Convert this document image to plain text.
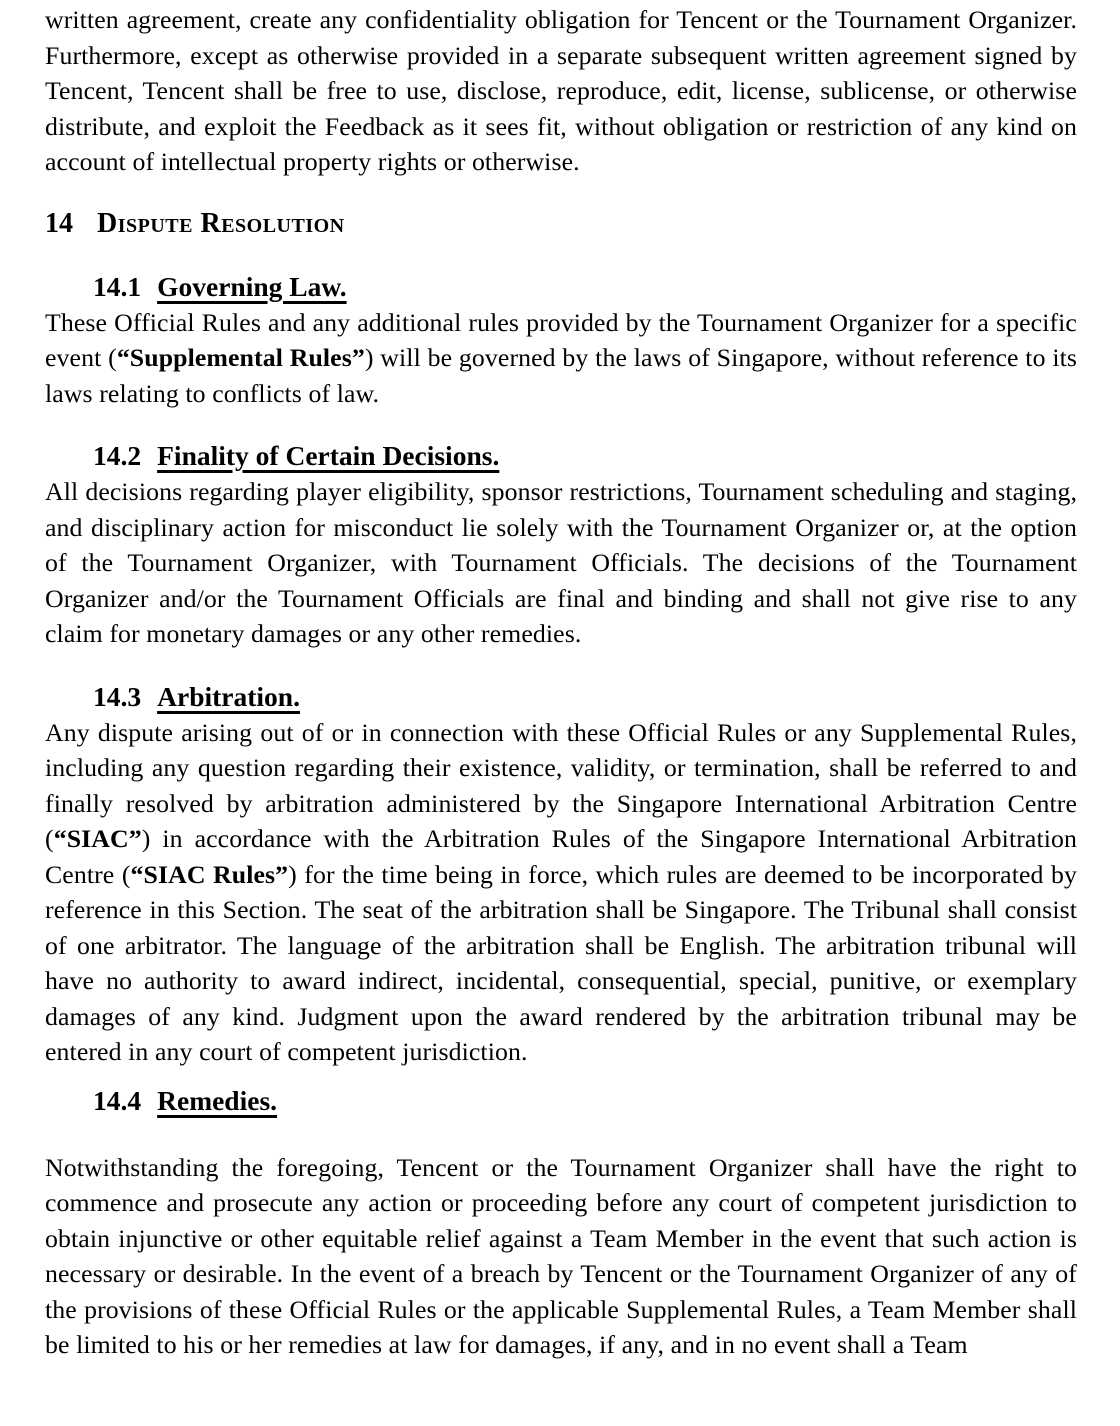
written agreement, create any confidentiality obligation for Tencent or the Tournament Organizer. Furthermore, except as otherwise provided in a separate subsequent written agreement signed by Tencent, Tencent shall be free to use, disclose, reproduce, edit, license, sublicense, or otherwise distribute, and exploit the Feedback as it sees fit, without obligation or restriction of any kind on account of intellectual property rights or otherwise.

14 Dispute Resolution
14.1 Governing Law.

These Official Rules and any additional rules provided by the Tournament Organizer for a specific event (“Supplemental Rules”) will be governed by the laws of Singapore, without reference to its laws relating to conflicts of law.

14.2 Finality of Certain Decisions.

All decisions regarding player eligibility, sponsor restrictions, Tournament scheduling and staging, and disciplinary action for misconduct lie solely with the Tournament Organizer or, at the option of the Tournament Organizer, with Tournament Officials. The decisions of the Tournament Organizer and/or the Tournament Officials are final and binding and shall not give rise to any claim for monetary damages or any other remedies.

14.3 Arbitration.

Any dispute arising out of or in connection with these Official Rules or any Supplemental Rules, including any question regarding their existence, validity, or termination, shall be referred to and finally resolved by arbitration administered by the Singapore International Arbitration Centre (“SIAC”) in accordance with the Arbitration Rules of the Singapore International Arbitration Centre (“SIAC Rules”) for the time being in force, which rules are deemed to be incorporated by reference in this Section. The seat of the arbitration shall be Singapore. The Tribunal shall consist of one arbitrator. The language of the arbitration shall be English. The arbitration tribunal will have no authority to award indirect, incidental, consequential, special, punitive, or exemplary damages of any kind. Judgment upon the award rendered by the arbitration tribunal may be entered in any court of competent jurisdiction.

14.4 Remedies.

Notwithstanding the foregoing, Tencent or the Tournament Organizer shall have the right to commence and prosecute any action or proceeding before any court of competent jurisdiction to obtain injunctive or other equitable relief against a Team Member in the event that such action is necessary or desirable. In the event of a breach by Tencent or the Tournament Organizer of any of the provisions of these Official Rules or the applicable Supplemental Rules, a Team Member shall be limited to his or her remedies at law for damages, if any, and in no event shall a Team
